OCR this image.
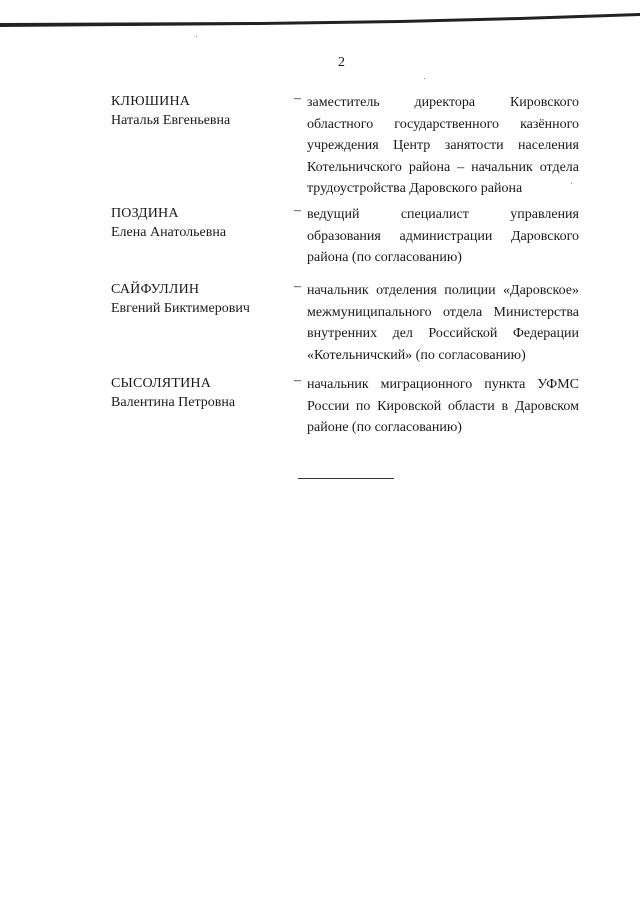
2
КЛЮШИНА
Наталья Евгеньевна
– заместитель директора Кировского областного государственного казённого учреждения Центр занятости населения Котельничского района – начальник отдела трудоустройства Даровского района
ПОЗДИНА
Елена Анатольевна
– ведущий специалист управления образования администрации Даровского района (по согласованию)
САЙФУЛЛИН
Евгений Биктимерович
– начальник отделения полиции «Даровское» межмуниципального отдела Министерства внутренних дел Российской Федерации «Котельничский» (по согласованию)
СЫСОЛЯТИНА
Валентина Петровна
– начальник миграционного пункта УФМС России по Кировской области в Даровском районе (по согласованию)
